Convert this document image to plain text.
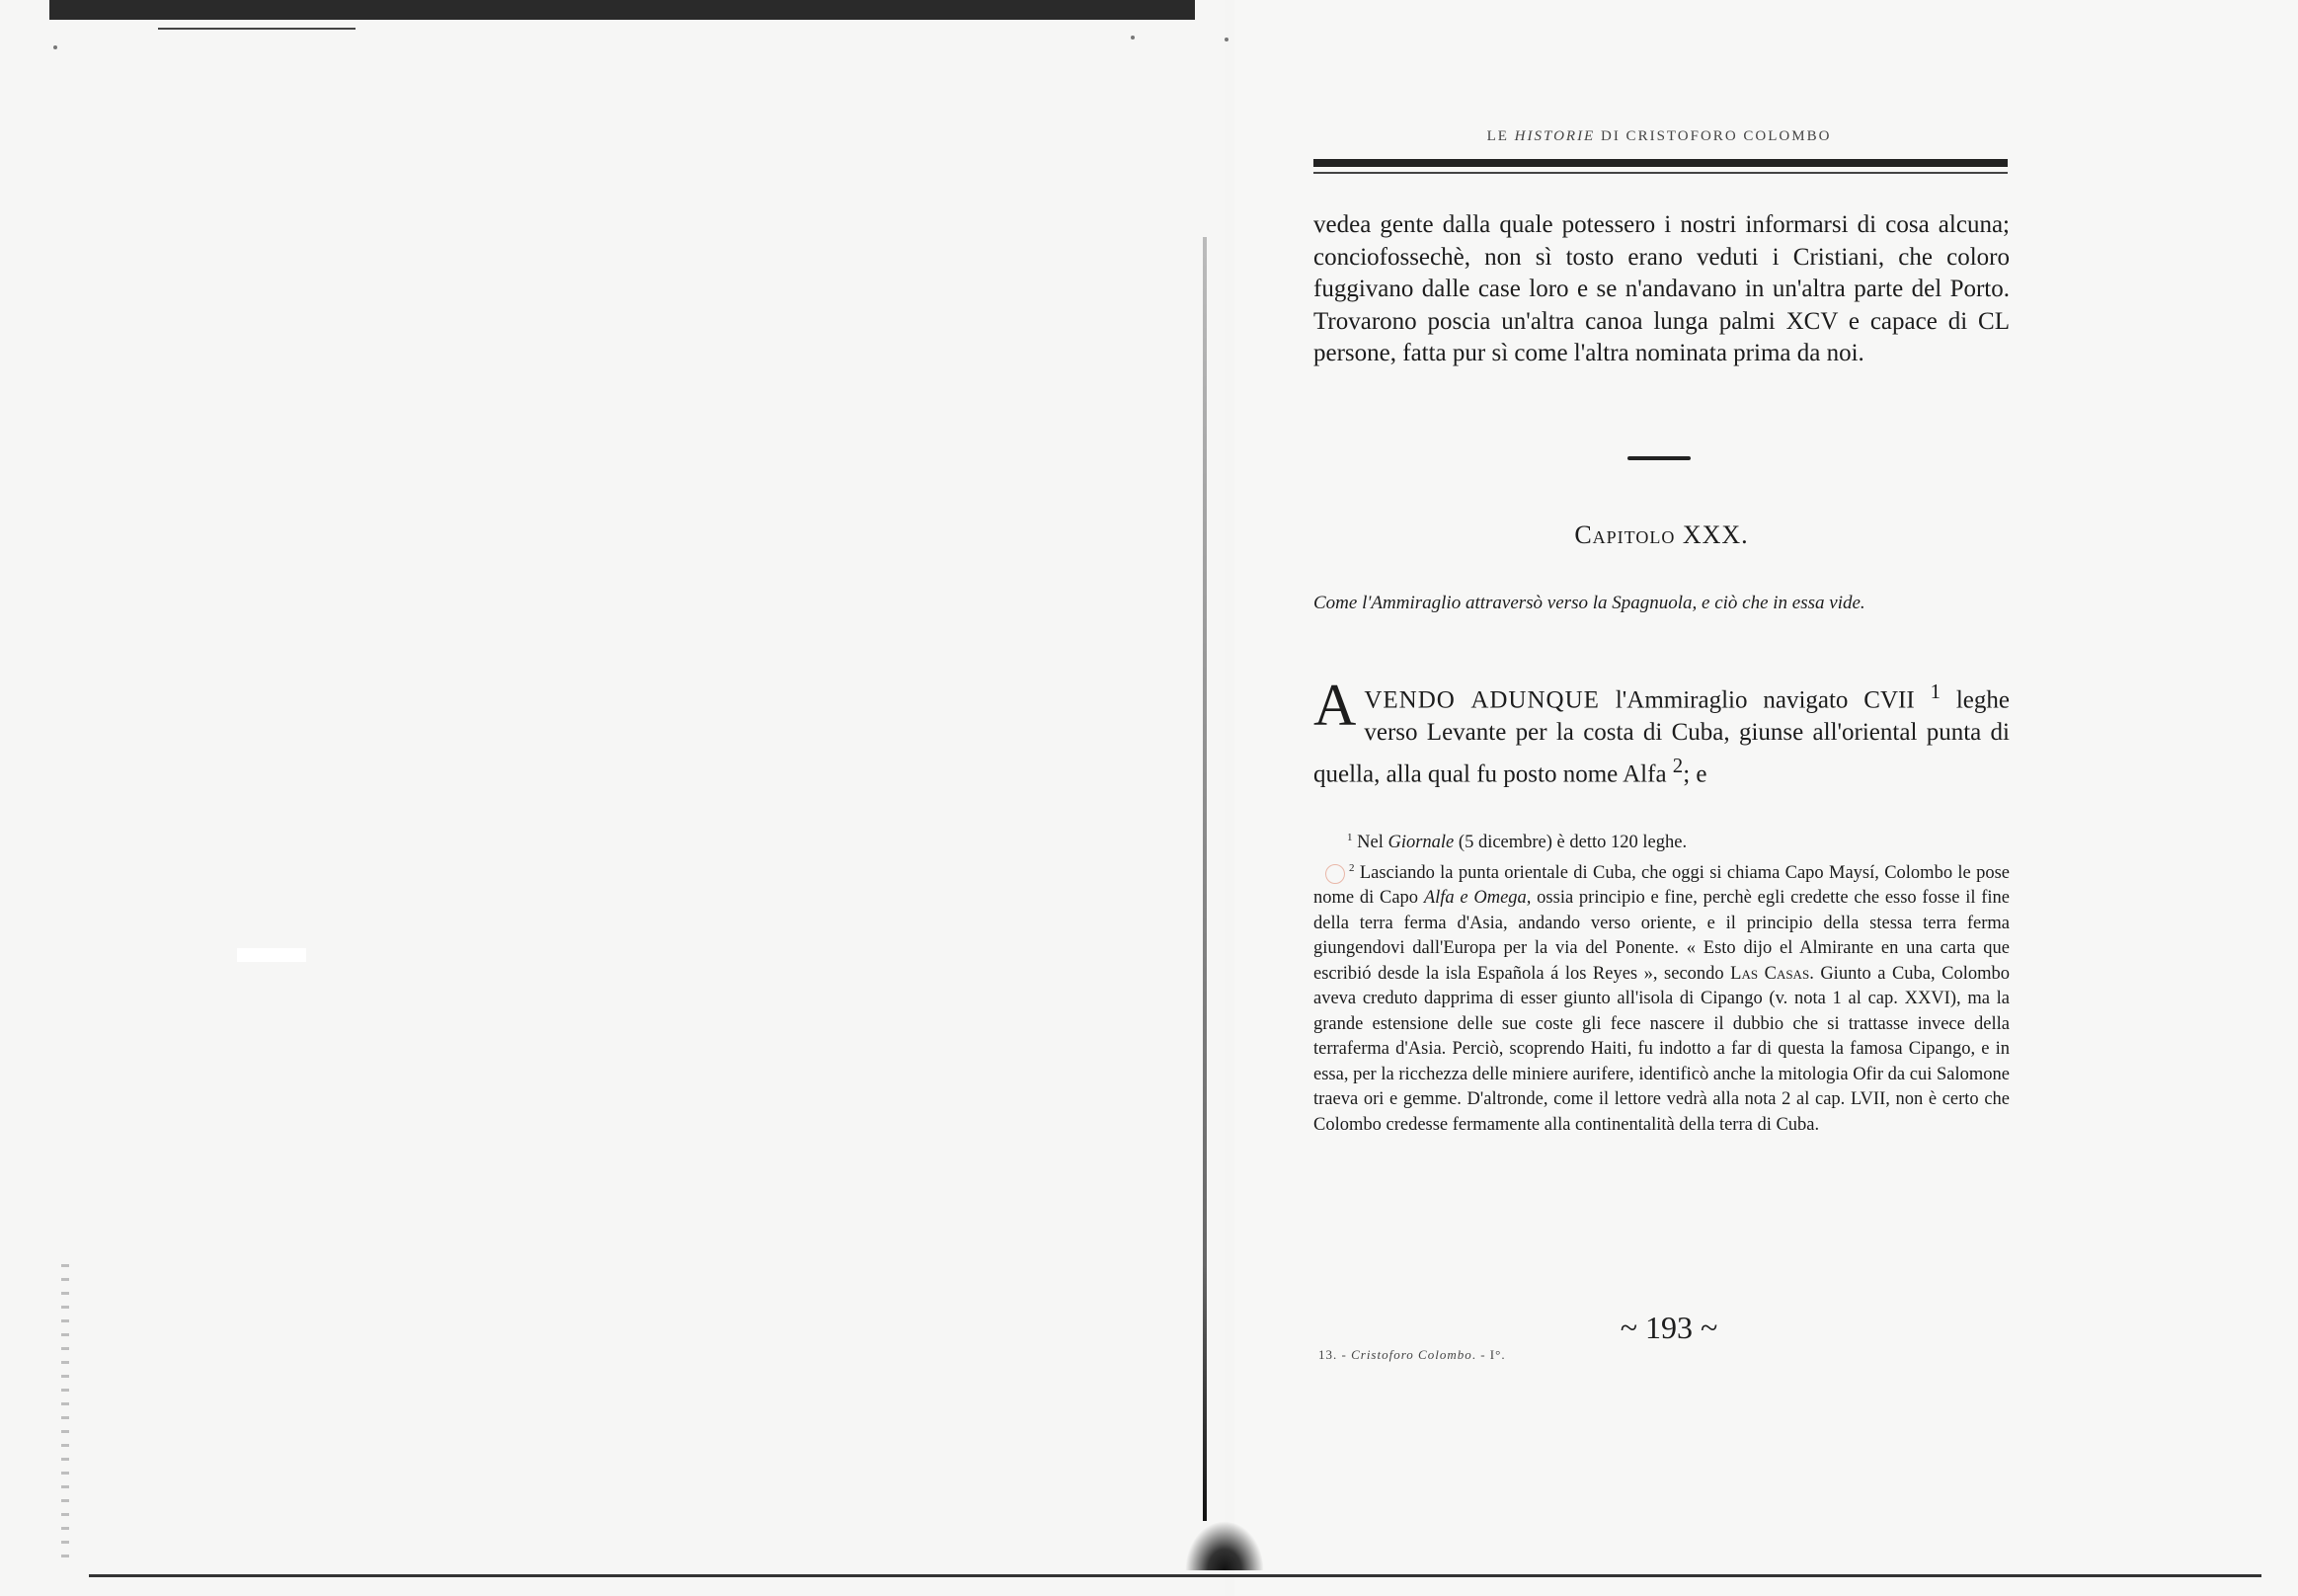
LE HISTORIE DI CRISTOFORO COLOMBO
vedea gente dalla quale potessero i nostri informarsi di cosa alcuna; conciofossechè, non sì tosto erano veduti i Cristiani, che coloro fuggivano dalle case loro e se n'andavano in un'altra parte del Porto. Trovarono poscia un'altra canoa lunga palmi XCV e capace di CL persone, fatta pur sì come l'altra nominata prima da noi.
Capitolo XXX.
Come l'Ammiraglio attraversò verso la Spagnuola, e ciò che in essa vide.
AVENDO ADUNQUE l'Ammiraglio navigato CVII $^1$ leghe verso Levante per la costa di Cuba, giunse all'oriental punta di quella, alla qual fu posto nome Alfa $^2$; e

$^1$ Nel Giornale (5 dicembre) è detto 120 leghe.

$^2$ Lasciando la punta orientale di Cuba, che oggi si chiama Capo Maysí, Colombo le pose nome di Capo Alfa e Omega, ossia principio e fine, perchè egli credette che esso fosse il fine della terra ferma d'Asia, andando verso oriente, e il principio della stessa terra ferma giungendovi dall'Europa per la via del Ponente. « Esto dijo el Almirante en una carta que escribió desde la isla Española á los Reyes », secondo Las Casas. Giunto a Cuba, Colombo aveva creduto dapprima di esser giunto all'isola di Cipango (v. nota 1 al cap. XXVI), ma la grande estensione delle sue coste gli fece nascere il dubbio che si trattasse invece della terraferma d'Asia. Perciò, scoprendo Haiti, fu indotto a far di questa la famosa Cipango, e in essa, per la ricchezza delle miniere aurifere, identificò anche la mitologia Ofir da cui Salomone traeva ori e gemme. D'altronde, come il lettore vedrà alla nota 2 al cap. LVII, non è certo che Colombo credesse fermamente alla continentalità della terra di Cuba.

~ 193 ~
13. - Cristoforo Colombo. - I°.
